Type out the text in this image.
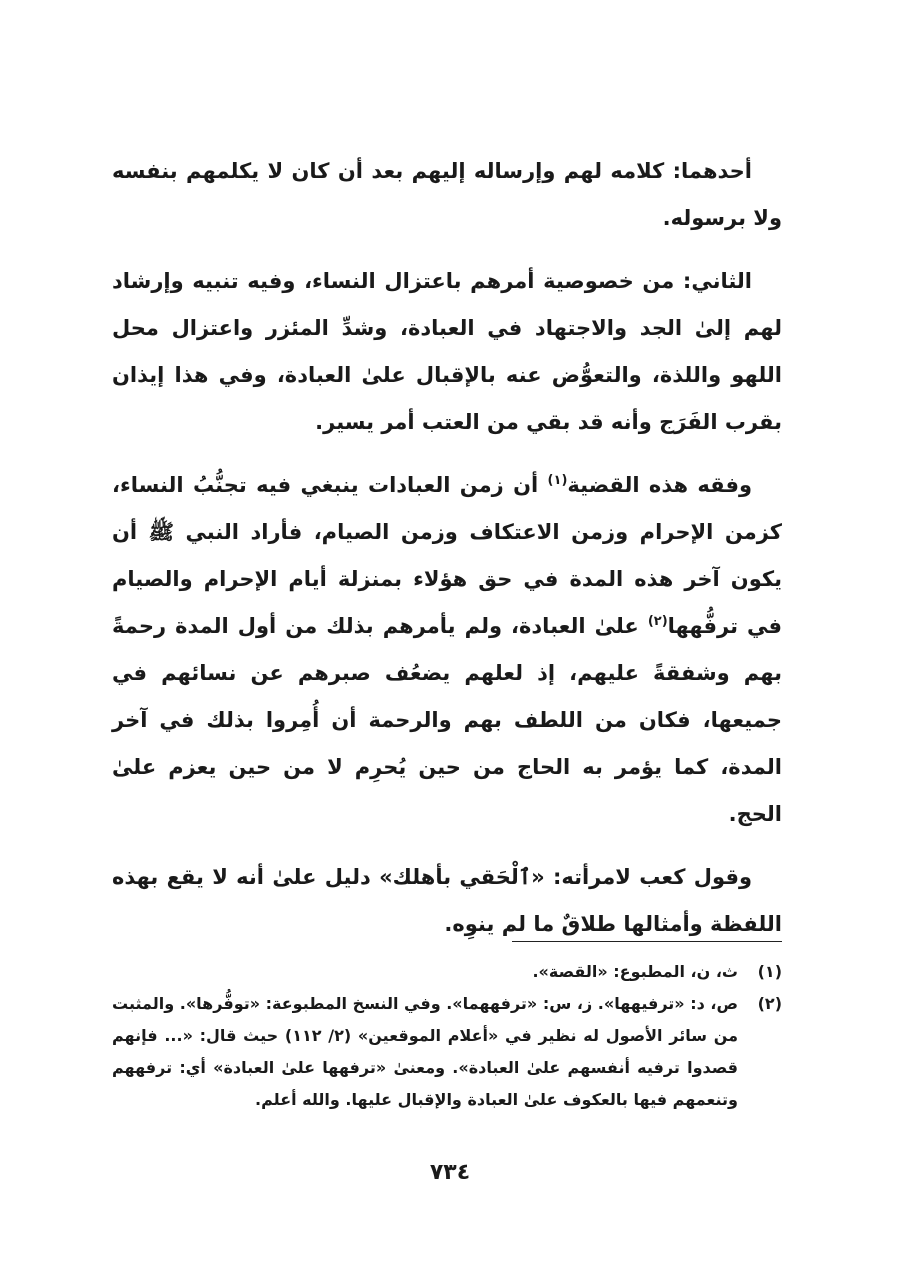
أحدهما: كلامه لهم وإرساله إليهم بعد أن كان لا يكلمهم بنفسه ولا برسوله.

الثاني: من خصوصية أمرهم باعتزال النساء، وفيه تنبيه وإرشاد لهم إلىٰ الجد والاجتهاد في العبادة، وشدِّ المئزر واعتزال محل اللهو واللذة، والتعوُّض عنه بالإقبال علىٰ العبادة، وفي هذا إيذان بقرب الفَرَج وأنه قد بقي من العتب أمر يسير.

وفقه هذه القضية$^{(١)}$ أن زمن العبادات ينبغي فيه تجنُّبُ النساء، كزمن الإحرام وزمن الاعتكاف وزمن الصيام، فأراد النبي ﷺ أن يكون آخر هذه المدة في حق هؤلاء بمنزلة أيام الإحرام والصيام في ترفُّهها$^{(٢)}$ علىٰ العبادة، ولم يأمرهم بذلك من أول المدة رحمةً بهم وشفقةً عليهم، إذ لعلهم يضعُف صبرهم عن نسائهم في جميعها، فكان من اللطف بهم والرحمة أن أُمِروا بذلك في آخر المدة، كما يؤمر به الحاج من حين يُحرِم لا من حين يعزم علىٰ الحج.

وقول كعب لامرأته: «ٱلْحَقي بأهلك» دليل علىٰ أنه لا يقع بهذه اللفظة وأمثالها طلاقٌ ما لم ينوِه.

(١)
ث، ن، المطبوع: «القصة».
(٢)
ص، د: «ترفيهها». ز، س: «ترفههما». وفي النسخ المطبوعة: «توفُّرها». والمثبت من سائر الأصول له نظير في «أعلام الموقعين» (٢/ ١١٢) حيث قال: «... فإنهم قصدوا ترفيه أنفسهم علىٰ العبادة». ومعنىٰ «ترفهها علىٰ العبادة» أي: ترفههم وتنعمهم فيها بالعكوف علىٰ العبادة والإقبال عليها. والله أعلم.
٧٣٤
